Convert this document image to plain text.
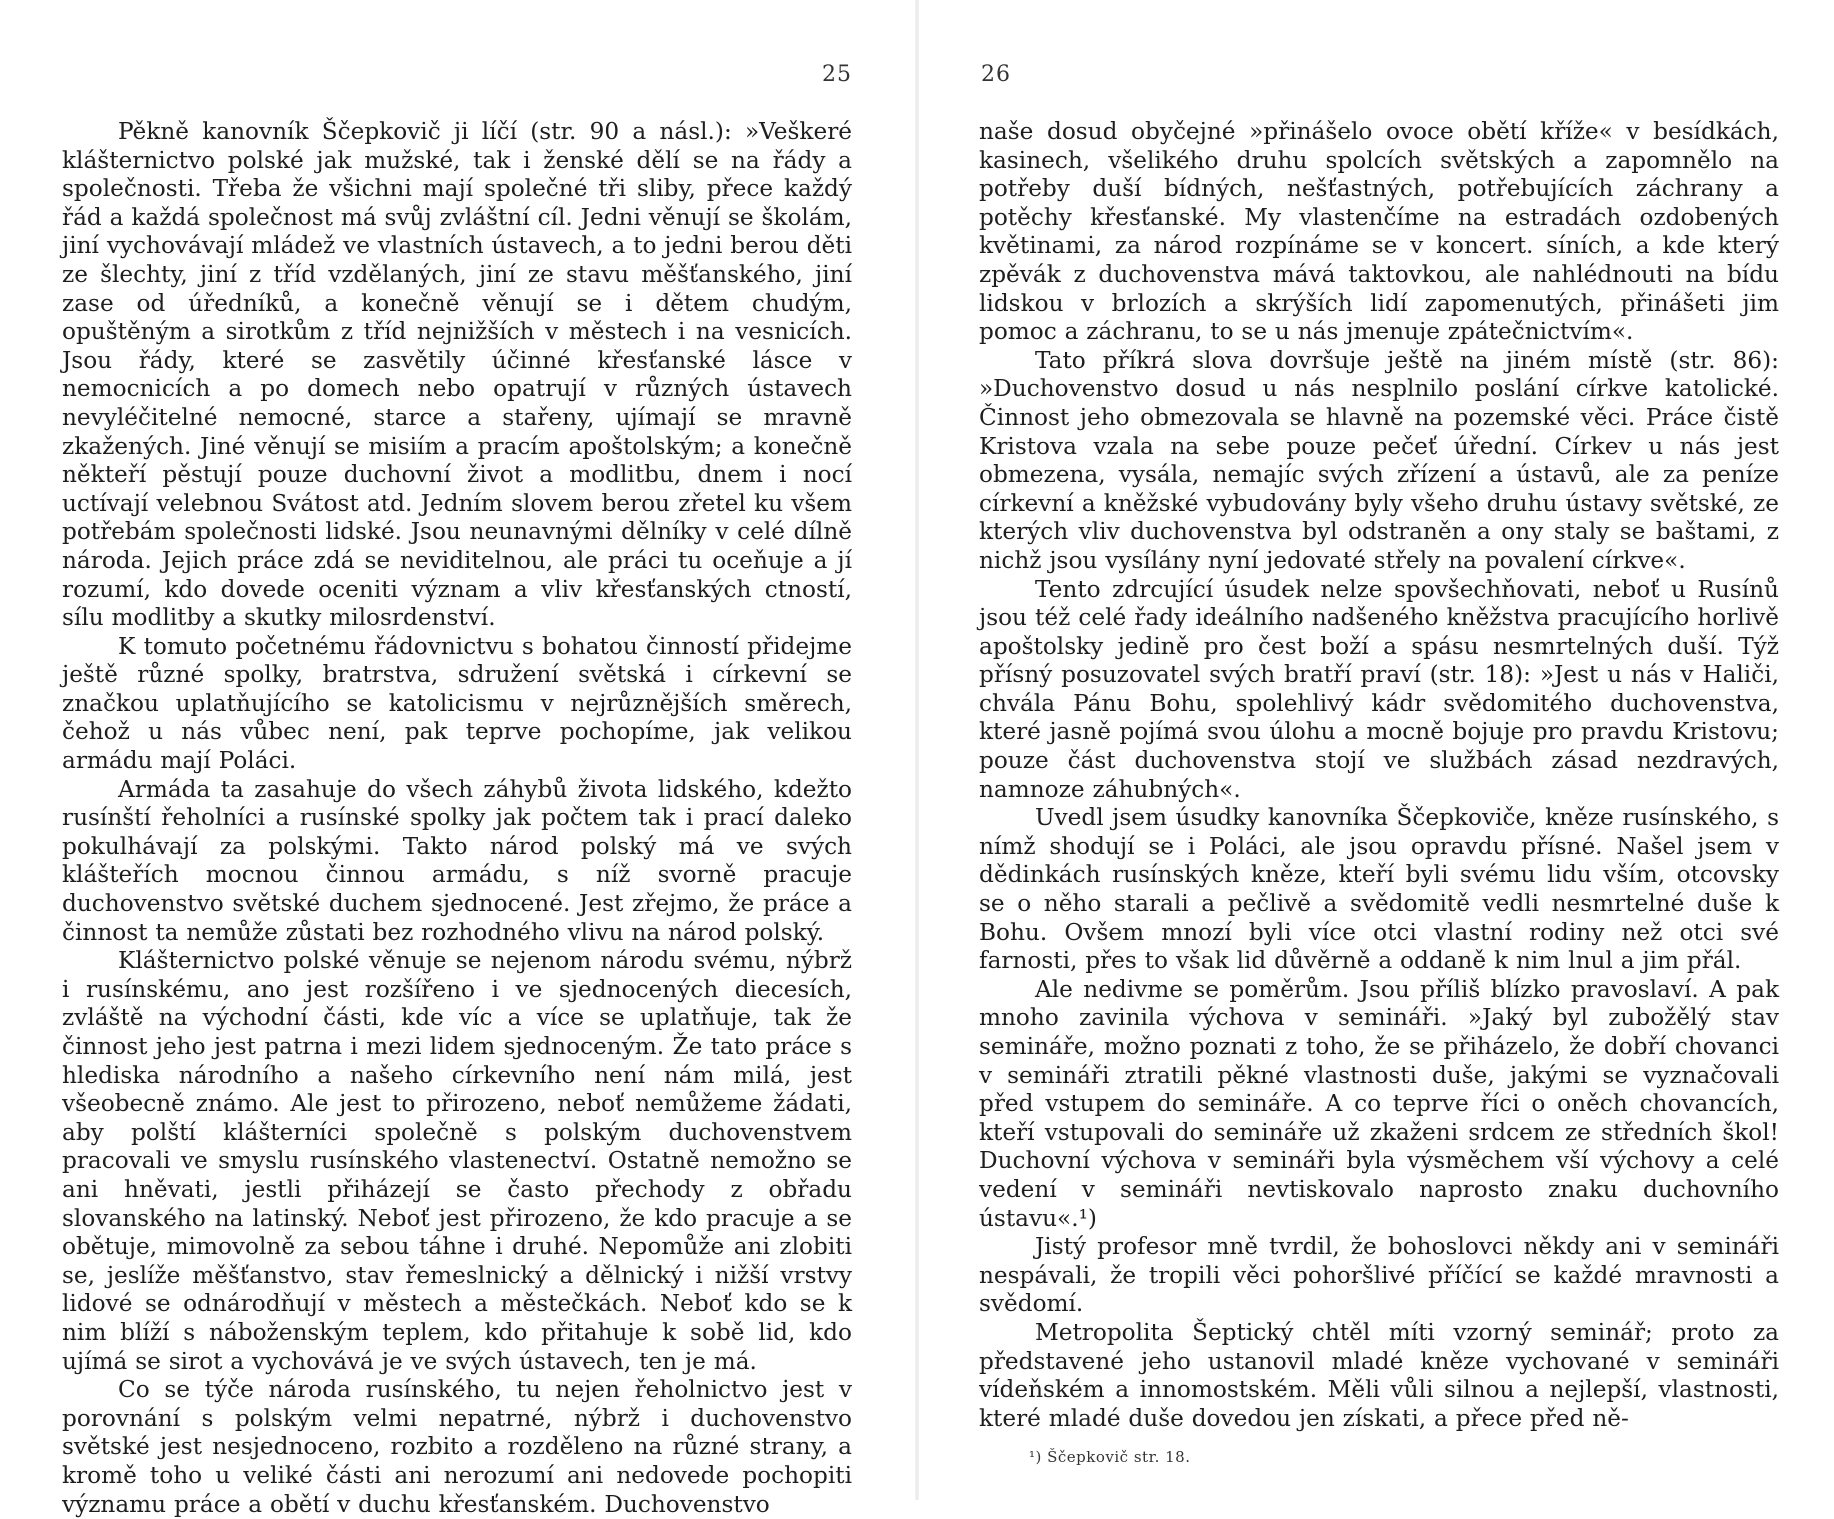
25

Pěkně kanovník Ščepkovič ji líčí (str. 90 a násl.): »Veškeré klášternictvo polské jak mužské, tak i ženské dělí se na řády a společnosti. Třeba že všichni mají společné tři sliby, přece každý řád a každá společnost má svůj zvláštní cíl. Jedni věnují se školám, jiní vychovávají mládež ve vlastních ústavech, a to jedni berou děti ze šlechty, jiní z tříd vzdělaných, jiní ze stavu měšťanského, jiní zase od úředníků, a konečně věnují se i dětem chudým, opuštěným a sirotkům z tříd nejnižších v městech i na vesnicích. Jsou řády, které se zasvětily účinné křesťanské lásce v nemocnicích a po domech nebo opatrují v různých ústavech nevyléčitelné nemocné, starce a stařeny, ujímají se mravně zkažených. Jiné věnují se misiím a pracím apoštolským; a konečně někteří pěstují pouze duchovní život a modlitbu, dnem i nocí uctívají velebnou Svátost atd. Jedním slovem berou zřetel ku všem potřebám společnosti lidské. Jsou neunavnými dělníky v celé dílně národa. Jejich práce zdá se neviditelnou, ale práci tu oceňuje a jí rozumí, kdo dovede oceniti význam a vliv křesťanských ctností, sílu modlitby a skutky milosrdenství.

K tomuto početnému řádovnictvu s bohatou činností přidejme ještě různé spolky, bratrstva, sdružení světská i církevní se značkou uplatňujícího se katolicismu v nejrůznějších směrech, čehož u nás vůbec není, pak teprve pochopíme, jak velikou armádu mají Poláci.

Armáda ta zasahuje do všech záhybů života lidského, kdežto rusínští řeholníci a rusínské spolky jak počtem tak i prací daleko pokulhávají za polskými. Takto národ polský má ve svých klášteřích mocnou činnou armádu, s níž svorně pracuje duchovenstvo světské duchem sjednocené. Jest zřejmo, že práce a činnost ta nemůže zůstati bez rozhodného vlivu na národ polský.

Klášternictvo polské věnuje se nejenom národu svému, nýbrž i rusínskému, ano jest rozšířeno i ve sjednocených diecesích, zvláště na východní části, kde víc a více se uplatňuje, tak že činnost jeho jest patrna i mezi lidem sjednoceným. Že tato práce s hlediska národního a našeho církevního není nám milá, jest všeobecně známo. Ale jest to přirozeno, neboť nemůžeme žádati, aby polští klášterníci společně s polským duchovenstvem pracovali ve smyslu rusínského vlastenectví. Ostatně nemožno se ani hněvati, jestli přiházejí se často přechody z obřadu slovanského na latinský. Neboť jest přirozeno, že kdo pracuje a se obětuje, mimovolně za sebou táhne i druhé. Nepomůže ani zlobiti se, jeslíže měšťanstvo, stav řemeslnický a dělnický i nižší vrstvy lidové se odnárodňují v městech a městečkách. Neboť kdo se k nim blíží s náboženským teplem, kdo přitahuje k sobě lid, kdo ujímá se sirot a vychovává je ve svých ústavech, ten je má.

Co se týče národa rusínského, tu nejen řeholnictvo jest v porovnání s polským velmi nepatrné, nýbrž i duchovenstvo světské jest nesjednoceno, rozbito a rozděleno na různé strany, a kromě toho u veliké části ani nerozumí ani nedovede pochopiti významu práce a obětí v duchu křesťanském. Duchovenstvo

26

naše dosud obyčejné »přinášelo ovoce obětí kříže« v besídkách, kasinech, všelikého druhu spolcích světských a zapomnělo na potřeby duší bídných, nešťastných, potřebujících záchrany a potěchy křesťanské. My vlastenčíme na estradách ozdobených květinami, za národ rozpínáme se v koncert. síních, a kde který zpěvák z duchovenstva mává taktovkou, ale nahlédnouti na bídu lidskou v brlozích a skrýších lidí zapomenutých, přinášeti jim pomoc a záchranu, to se u nás jmenuje zpátečnictvím«.

Tato příkrá slova dovršuje ještě na jiném místě (str. 86): »Duchovenstvo dosud u nás nesplnilo poslání církve katolické. Činnost jeho obmezovala se hlavně na pozemské věci. Práce čistě Kristova vzala na sebe pouze pečeť úřední. Církev u nás jest obmezena, vysála, nemajíc svých zřízení a ústavů, ale za peníze církevní a kněžské vybudovány byly všeho druhu ústavy světské, ze kterých vliv duchovenstva byl odstraněn a ony staly se baštami, z nichž jsou vysílány nyní jedovaté střely na povalení církve«.

Tento zdrcující úsudek nelze spovšechňovati, neboť u Rusínů jsou též celé řady ideálního nadšeného kněžstva pracujícího horlivě apoštolsky jedině pro čest boží a spásu nesmrtelných duší. Týž přísný posuzovatel svých bratří praví (str. 18): »Jest u nás v Haliči, chvála Pánu Bohu, spolehlivý kádr svědomitého duchovenstva, které jasně pojímá svou úlohu a mocně bojuje pro pravdu Kristovu; pouze část duchovenstva stojí ve službách zásad nezdravých, namnoze záhubných«.

Uvedl jsem úsudky kanovníka Ščepkoviče, kněze rusínského, s nímž shodují se i Poláci, ale jsou opravdu přísné. Našel jsem v dědinkách rusínských kněze, kteří byli svému lidu vším, otcovsky se o něho starali a pečlivě a svědomitě vedli nesmrtelné duše k Bohu. Ovšem mnozí byli více otci vlastní rodiny než otci své farnosti, přes to však lid důvěrně a oddaně k nim lnul a jim přál.

Ale nedivme se poměrům. Jsou příliš blízko pravoslaví. A pak mnoho zavinila výchova v semináři. »Jaký byl zubožělý stav semináře, možno poznati z toho, že se přiházelo, že dobří chovanci v semináři ztratili pěkné vlastnosti duše, jakými se vyznačovali před vstupem do semináře. A co teprve říci o oněch chovancích, kteří vstupovali do semináře už zkaženi srdcem ze středních škol! Duchovní výchova v semináři byla výsměchem vší výchovy a celé vedení v semináři nevtiskovalo naprosto znaku duchovního ústavu«.¹)

Jistý profesor mně tvrdil, že bohoslovci někdy ani v semináři nespávali, že tropili věci pohoršlivé příčící se každé mravnosti a svědomí.

Metropolita Šeptický chtěl míti vzorný seminář; proto za představené jeho ustanovil mladé kněze vychované v semináři vídeňském a innomostském. Měli vůli silnou a nejlepší, vlastnosti, které mladé duše dovedou jen získati, a přece před ně-

¹) Ščepkovič str. 18.
